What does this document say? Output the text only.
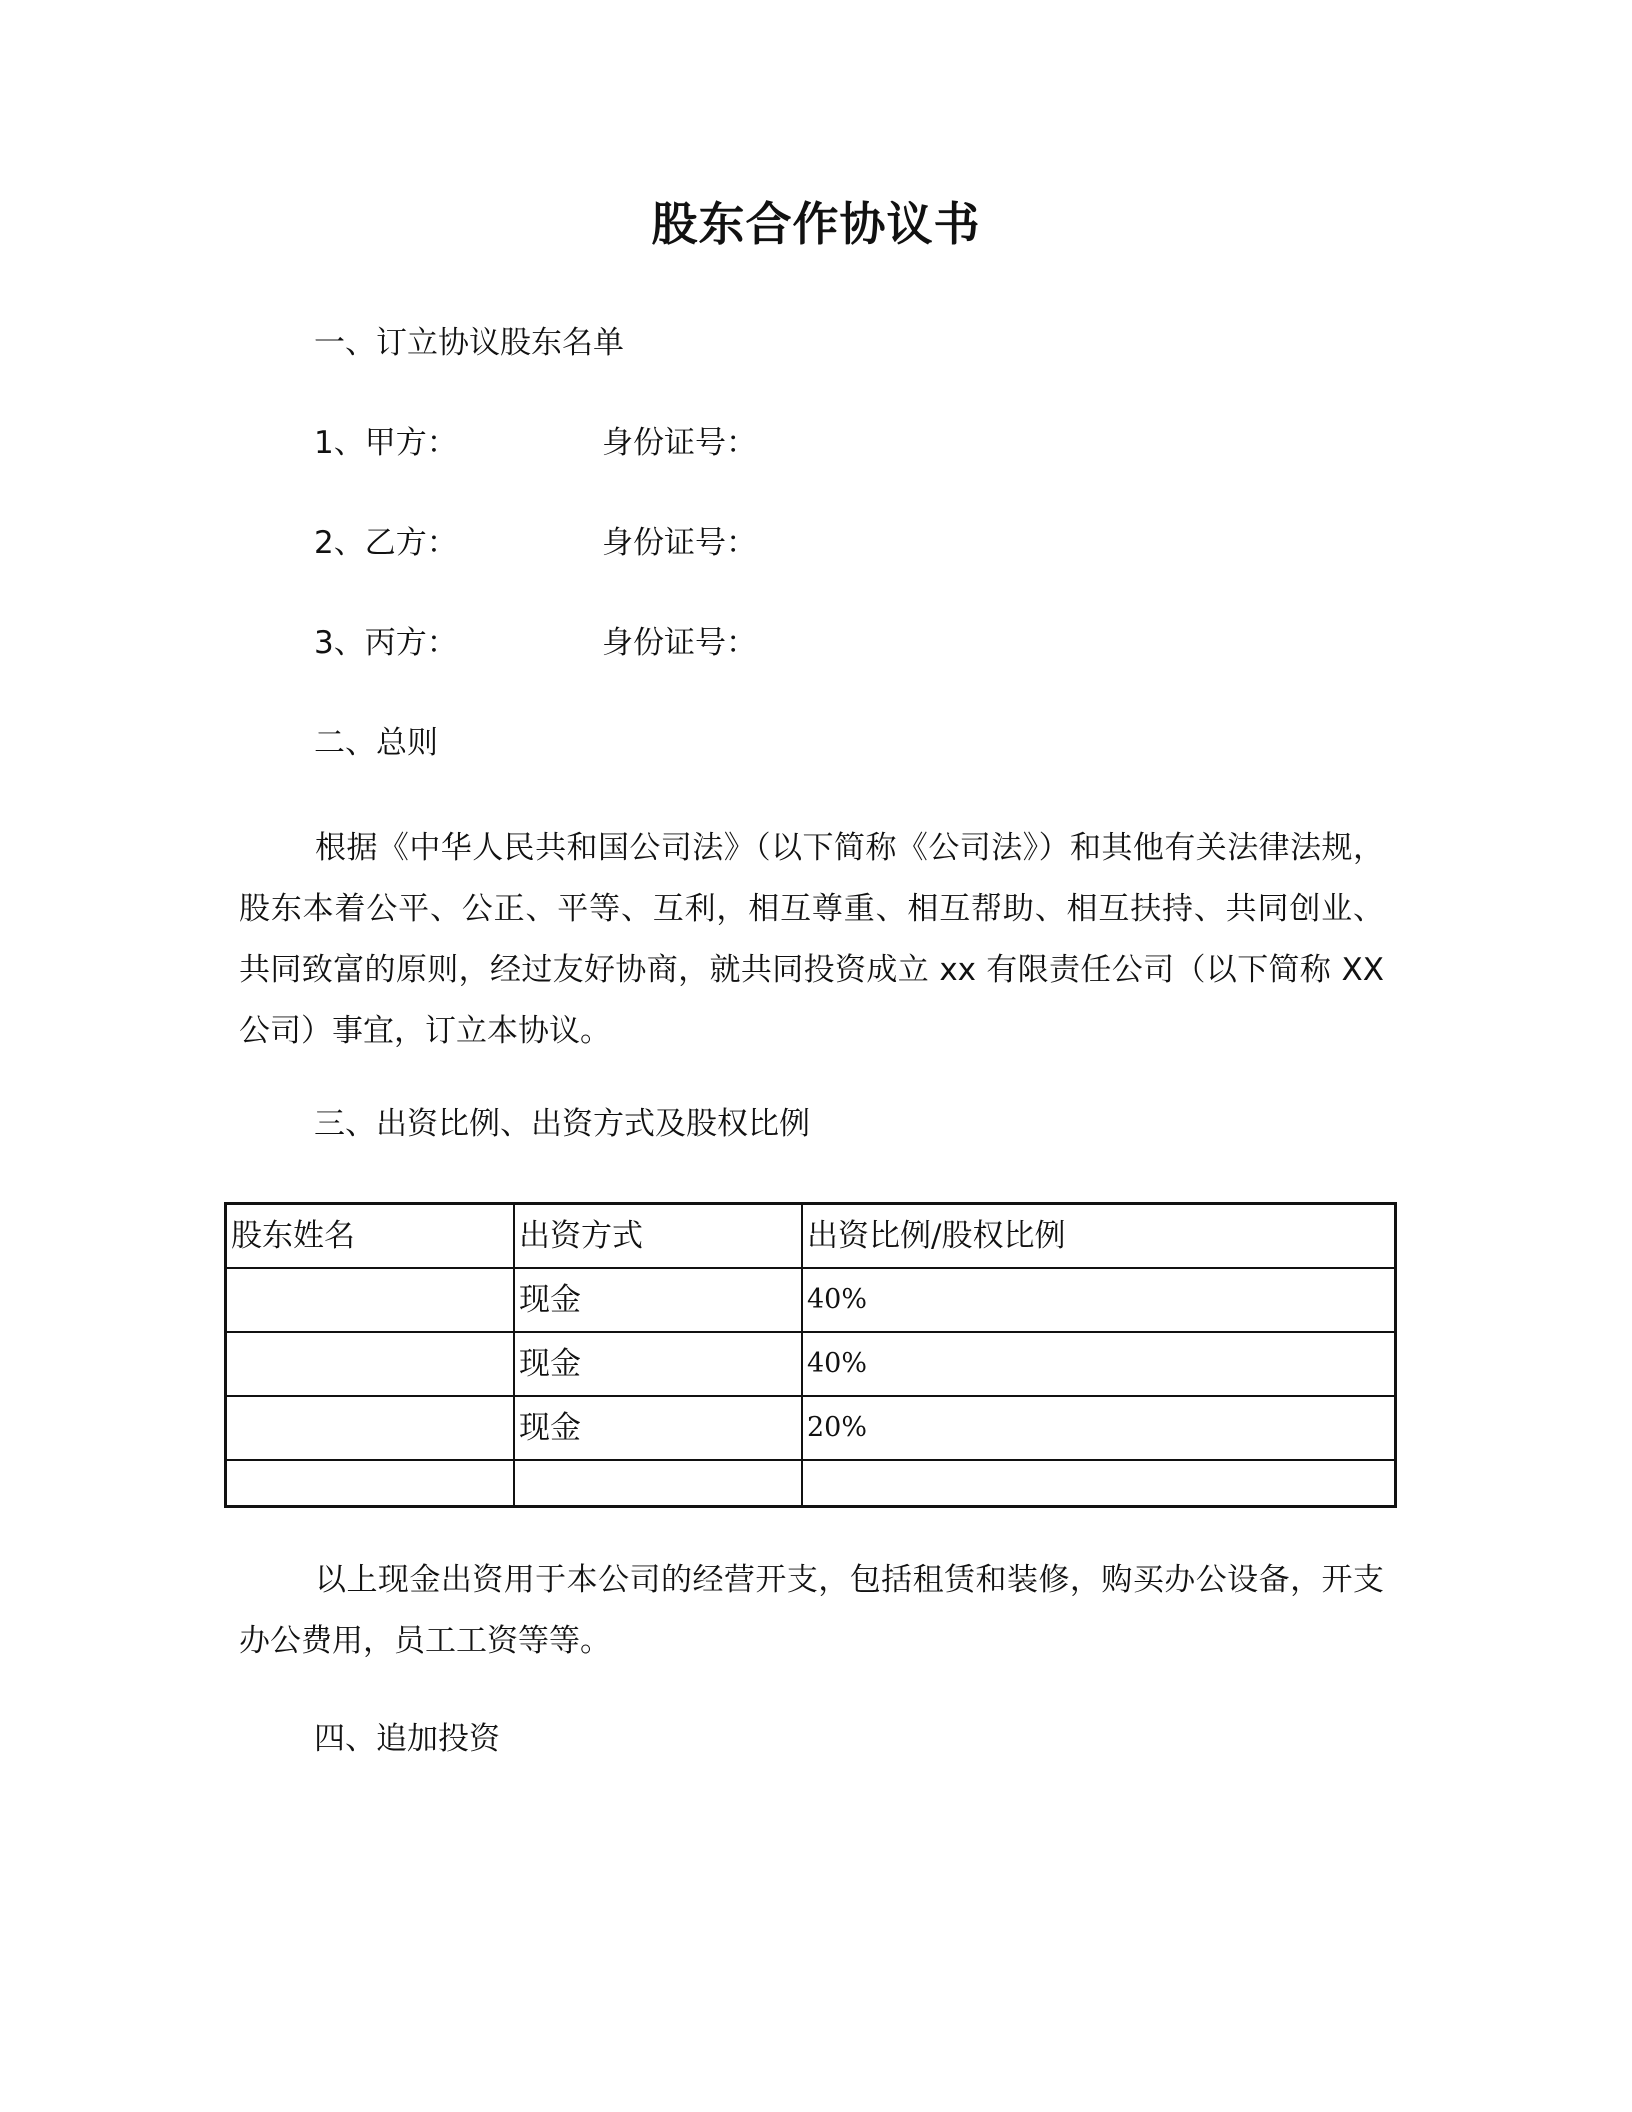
股东合作协议书
一、订立协议股东名单
1、甲方：	身份证号：
2、乙方：	身份证号：
3、丙方：	身份证号：
二、总则
根据《中华人民共和国公司法》（以下简称《公司法》）和其他有关法律法规，股东本着公平、公正、平等、互利，相互尊重、相互帮助、相互扶持、共同创业、共同致富的原则，经过友好协商，就共同投资成立 xx 有限责任公司（以下简称 XX 公司）事宜，订立本协议。
三、出资比例、出资方式及股权比例
股东姓名	出资方式	出资比例/股权比例
	现金	40%
	现金	40%
	现金	20%

以上现金出资用于本公司的经营开支，包括租赁和装修，购买办公设备，开支办公费用，员工工资等等。
四、追加投资
